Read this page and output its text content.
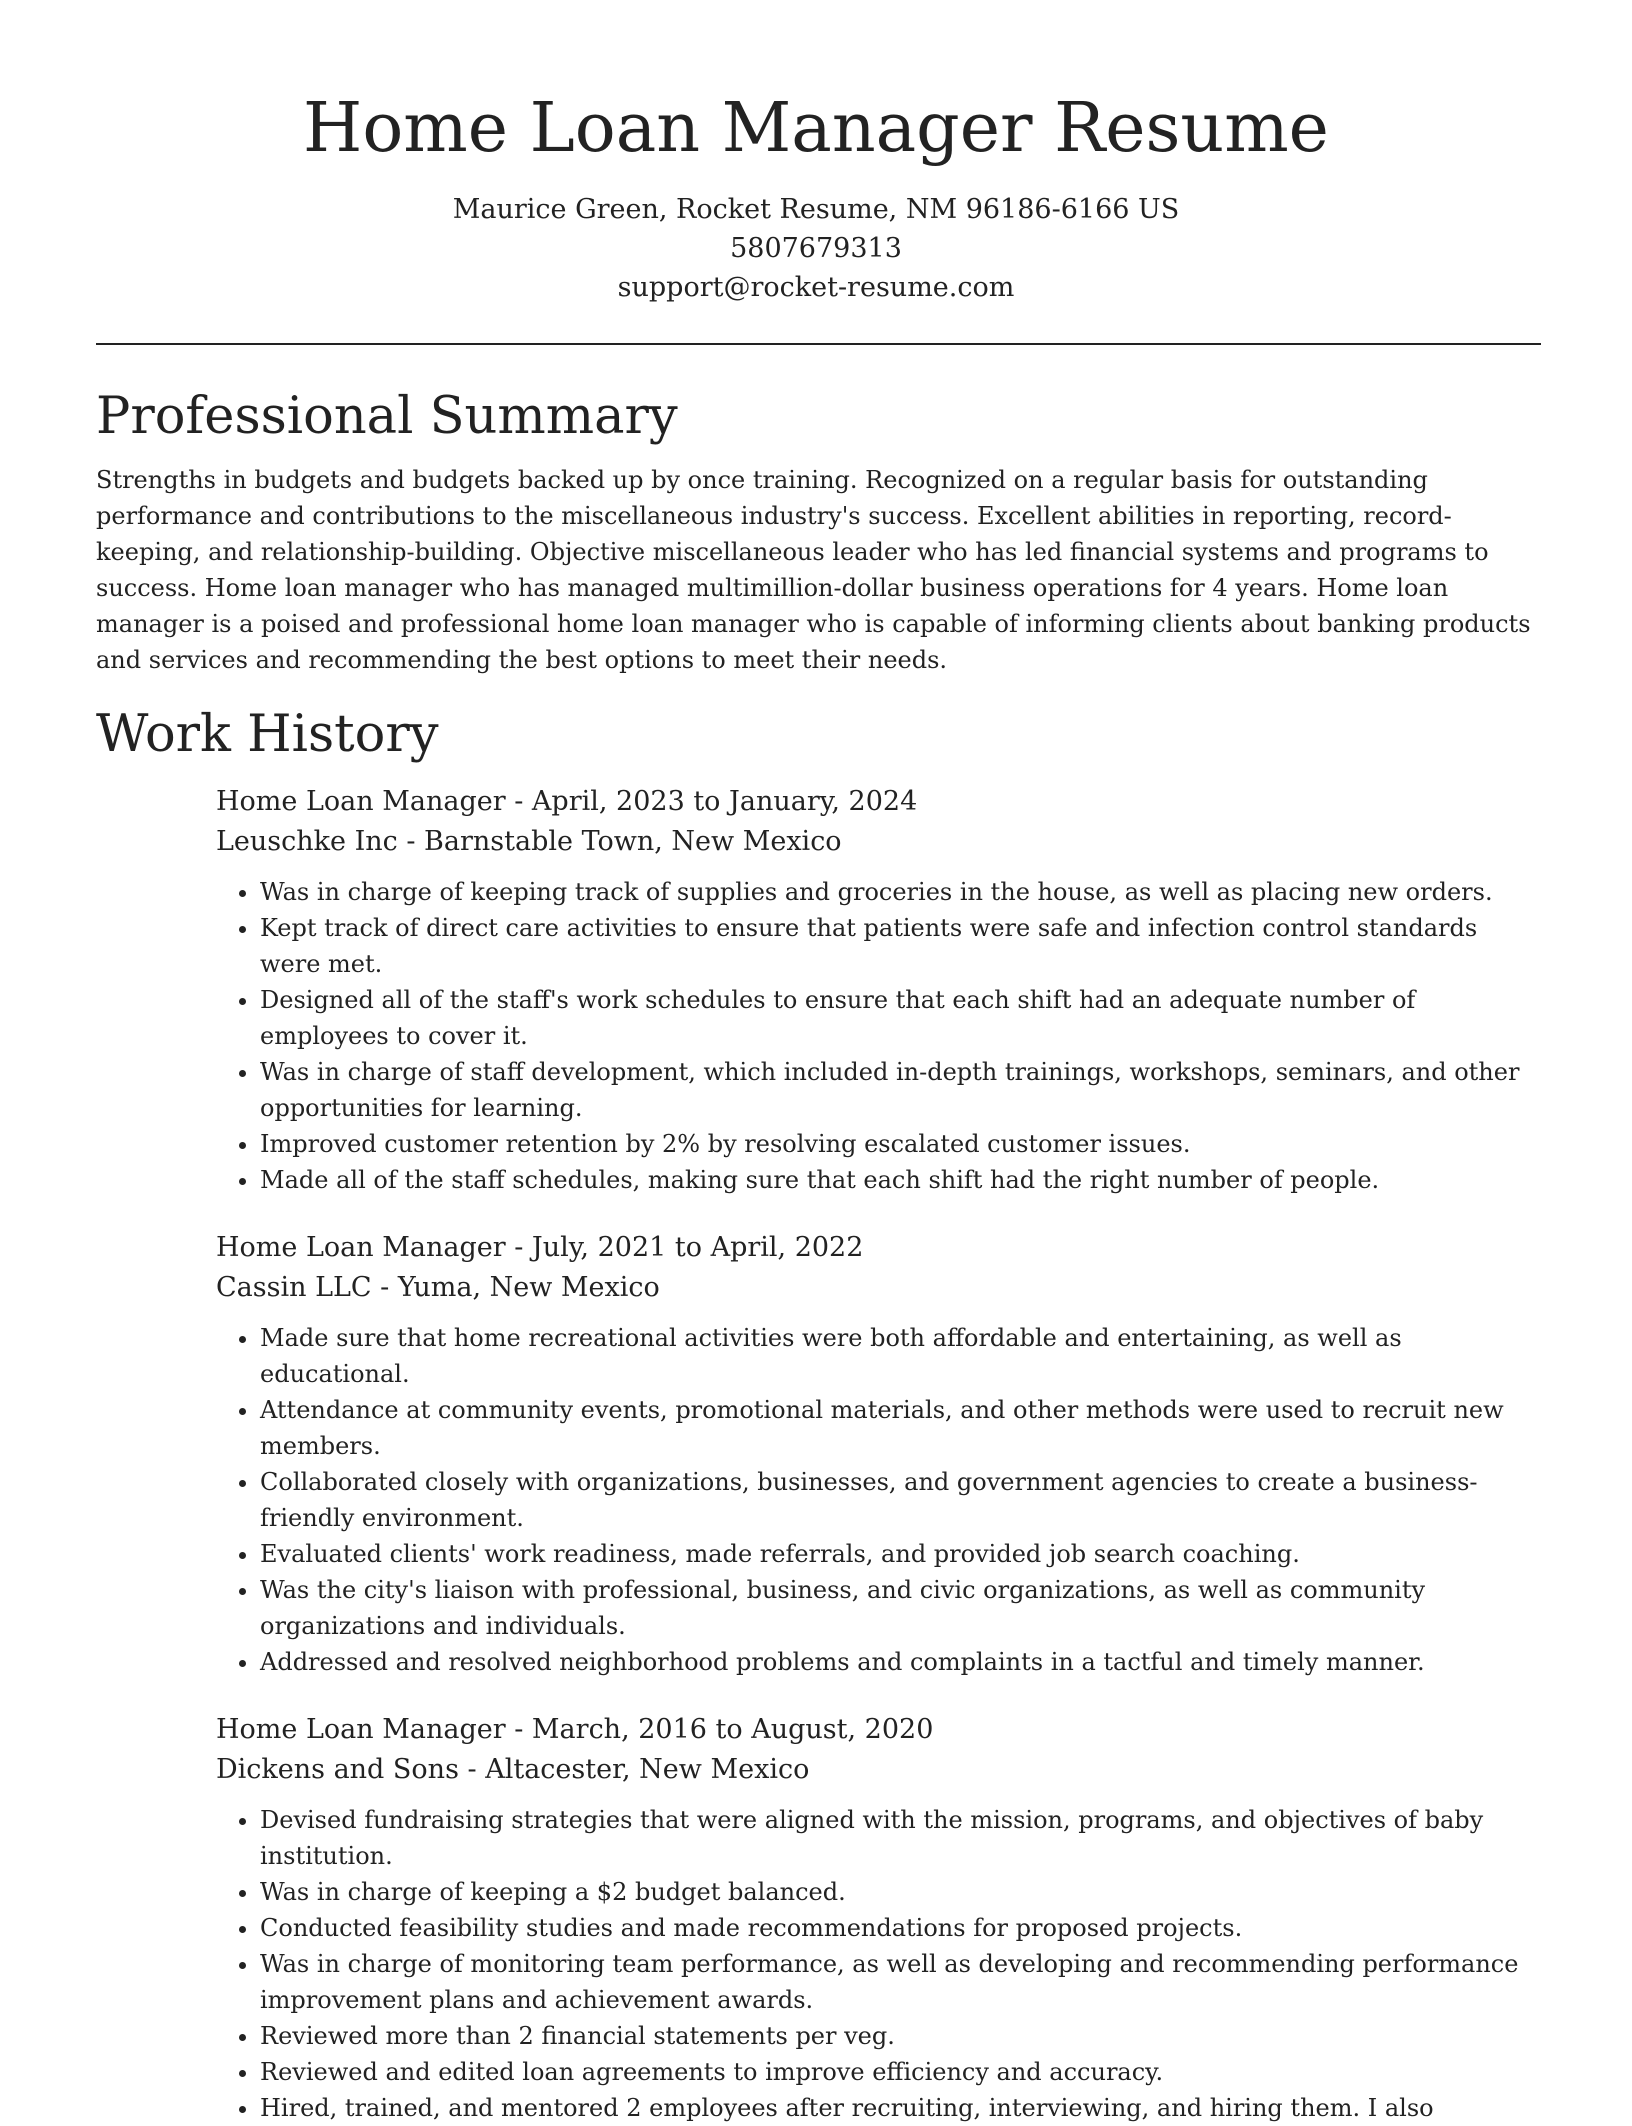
Home Loan Manager Resume
Maurice Green, Rocket Resume, NM 96186-6166 US
5807679313
support@rocket-resume.com
Professional Summary

Strengths in budgets and budgets backed up by once training. Recognized on a regular basis for outstanding performance and contributions to the miscellaneous industry's success. Excellent abilities in reporting, record-keeping, and relationship-building. Objective miscellaneous leader who has led financial systems and programs to success. Home loan manager who has managed multimillion-dollar business operations for 4 years. Home loan manager is a poised and professional home loan manager who is capable of informing clients about banking products and services and recommending the best options to meet their needs.

Work History

Home Loan Manager - April, 2023 to January, 2024

Leuschke Inc - Barnstable Town, New Mexico

• Was in charge of keeping track of supplies and groceries in the house, as well as placing new orders.
• Kept track of direct care activities to ensure that patients were safe and infection control standards were met.
• Designed all of the staff's work schedules to ensure that each shift had an adequate number of employees to cover it.
• Was in charge of staff development, which included in-depth trainings, workshops, seminars, and other opportunities for learning.
• Improved customer retention by 2% by resolving escalated customer issues.
• Made all of the staff schedules, making sure that each shift had the right number of people.

Home Loan Manager - July, 2021 to April, 2022

Cassin LLC - Yuma, New Mexico

• Made sure that home recreational activities were both affordable and entertaining, as well as educational.
• Attendance at community events, promotional materials, and other methods were used to recruit new members.
• Collaborated closely with organizations, businesses, and government agencies to create a business-friendly environment.
• Evaluated clients' work readiness, made referrals, and provided job search coaching.
• Was the city's liaison with professional, business, and civic organizations, as well as community organizations and individuals.
• Addressed and resolved neighborhood problems and complaints in a tactful and timely manner.

Home Loan Manager - March, 2016 to August, 2020

Dickens and Sons - Altacester, New Mexico

• Devised fundraising strategies that were aligned with the mission, programs, and objectives of baby institution.
• Was in charge of keeping a $2 budget balanced.
• Conducted feasibility studies and made recommendations for proposed projects.
• Was in charge of monitoring team performance, as well as developing and recommending performance improvement plans and achievement awards.
• Reviewed more than 2 financial statements per veg.
• Reviewed and edited loan agreements to improve efficiency and accuracy.
• Hired, trained, and mentored 2 employees after recruiting, interviewing, and hiring them. I also
